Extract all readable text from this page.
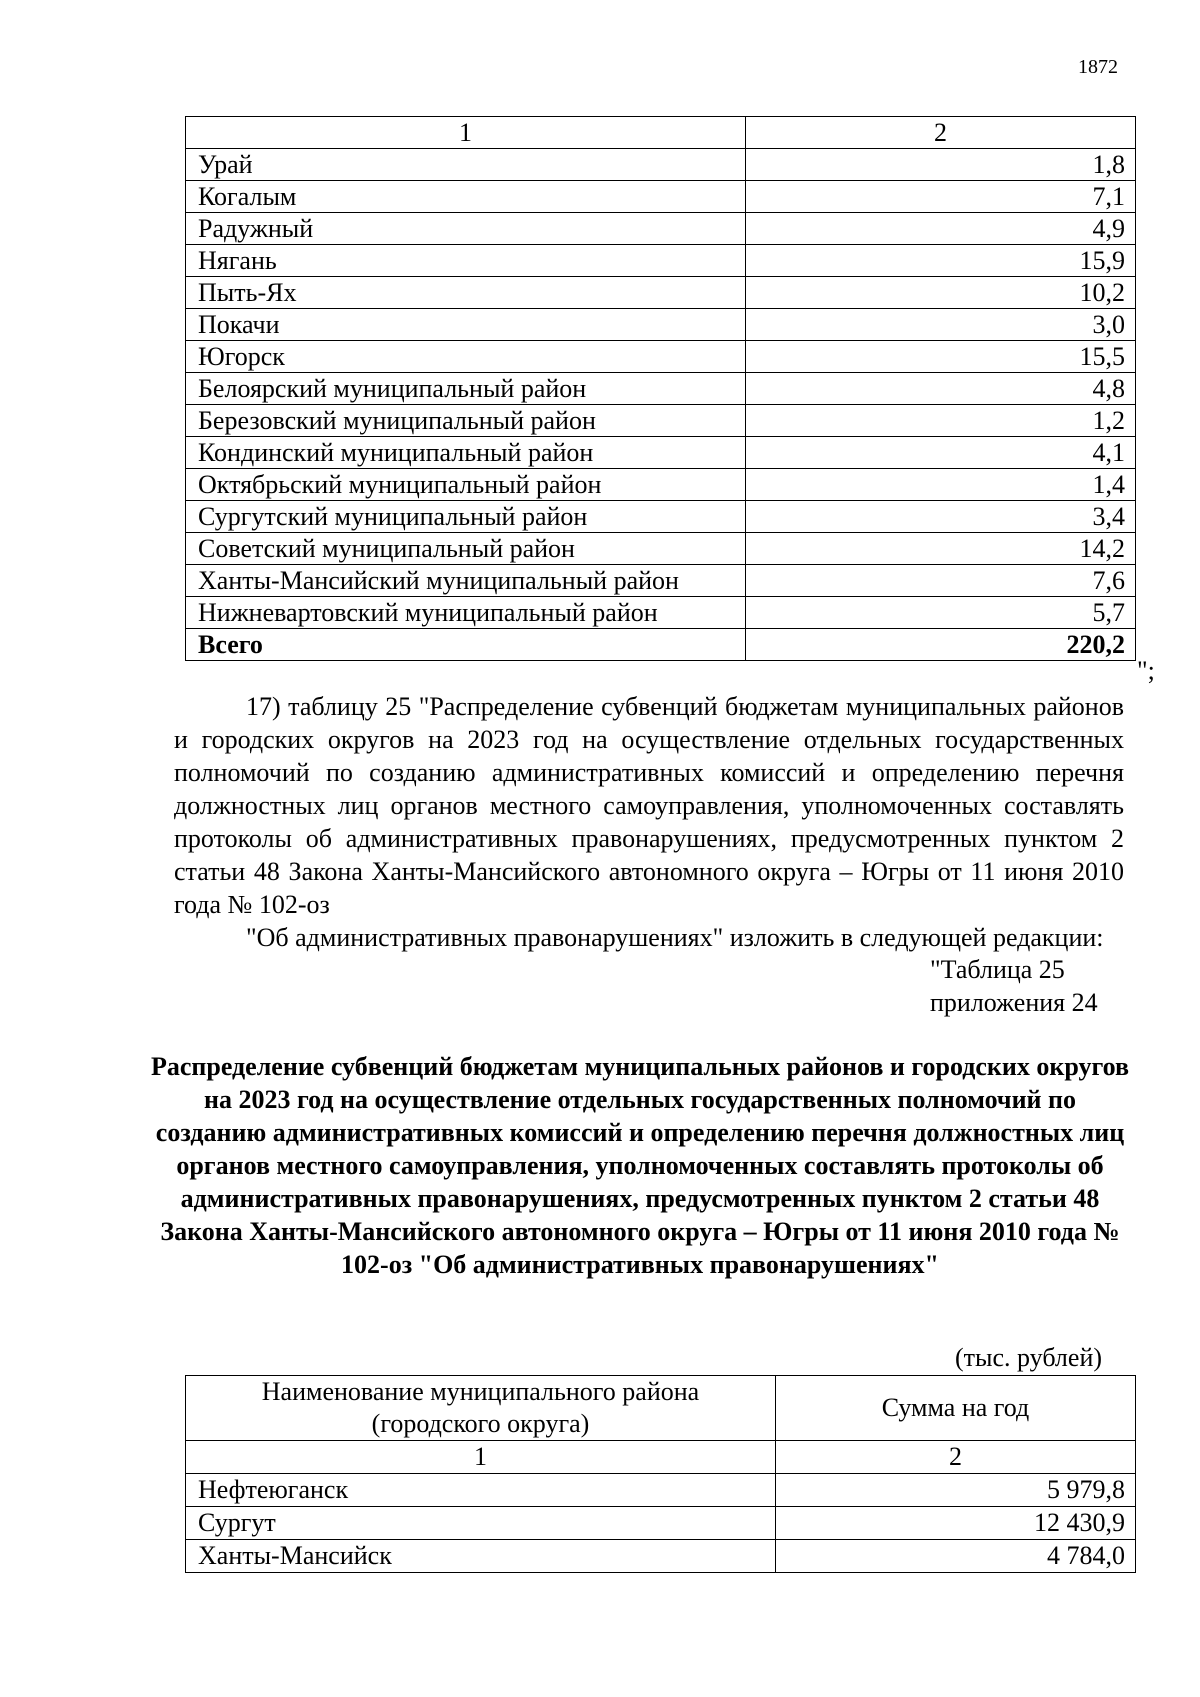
1872
1	2
Урай	1,8
Когалым	7,1
Радужный	4,9
Нягань	15,9
Пыть-Ях	10,2
Покачи	3,0
Югорск	15,5
Белоярский муниципальный район	4,8
Березовский муниципальный район	1,2
Кондинский муниципальный район	4,1
Октябрьский муниципальный район	1,4
Сургутский муниципальный район	3,4
Советский муниципальный район	14,2
Ханты-Мансийский муниципальный район	7,6
Нижневартовский муниципальный район	5,7
Всего	220,2
";
17) таблицу 25 "Распределение субвенций бюджетам муниципальных районов и городских округов на 2023 год на осуществление отдельных государственных полномочий по созданию административных комиссий и определению перечня должностных лиц органов местного самоуправления, уполномоченных составлять протоколы об административных правонарушениях, предусмотренных пунктом 2 статьи 48 Закона Ханты-Мансийского автономного округа – Югры от 11 июня 2010 года № 102-оз
"Об административных правонарушениях" изложить в следующей редакции:
"Таблица 25
приложения 24
Распределение субвенций бюджетам муниципальных районов и городских округов на 2023 год на осуществление отдельных государственных полномочий по созданию административных комиссий и определению перечня должностных лиц органов местного самоуправления, уполномоченных составлять протоколы об административных правонарушениях, предусмотренных пунктом 2 статьи 48 Закона Ханты-Мансийского автономного округа – Югры от 11 июня 2010 года № 102-оз "Об административных правонарушениях"
(тыс. рублей)
Наименование муниципального района (городского округа)	Сумма на год
1	2
Нефтеюганск	5 979,8
Сургут	12 430,9
Ханты-Мансийск	4 784,0
